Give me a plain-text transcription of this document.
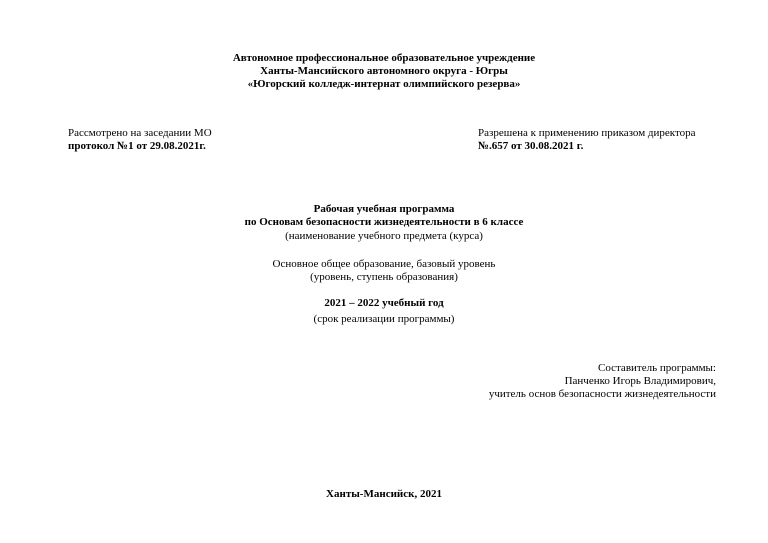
Автономное профессиональное образовательное учреждение
Ханты-Мансийского автономного округа - Югры
«Югорский колледж-интернат олимпийского резерва»
Рассмотрено на заседании МО
протокол №1 от 29.08.2021г.
Разрешена к применению приказом директора
№.657 от 30.08.2021 г.
Рабочая учебная программа
по Основам безопасности жизнедеятельности в 6 классе
(наименование учебного предмета (курса)
Основное общее образование, базовый уровень
(уровень, ступень образования)
2021 – 2022 учебный год
(срок реализации программы)
Составитель программы:
Панченко Игорь Владимирович,
учитель основ безопасности жизнедеятельности
Ханты-Мансийск, 2021
